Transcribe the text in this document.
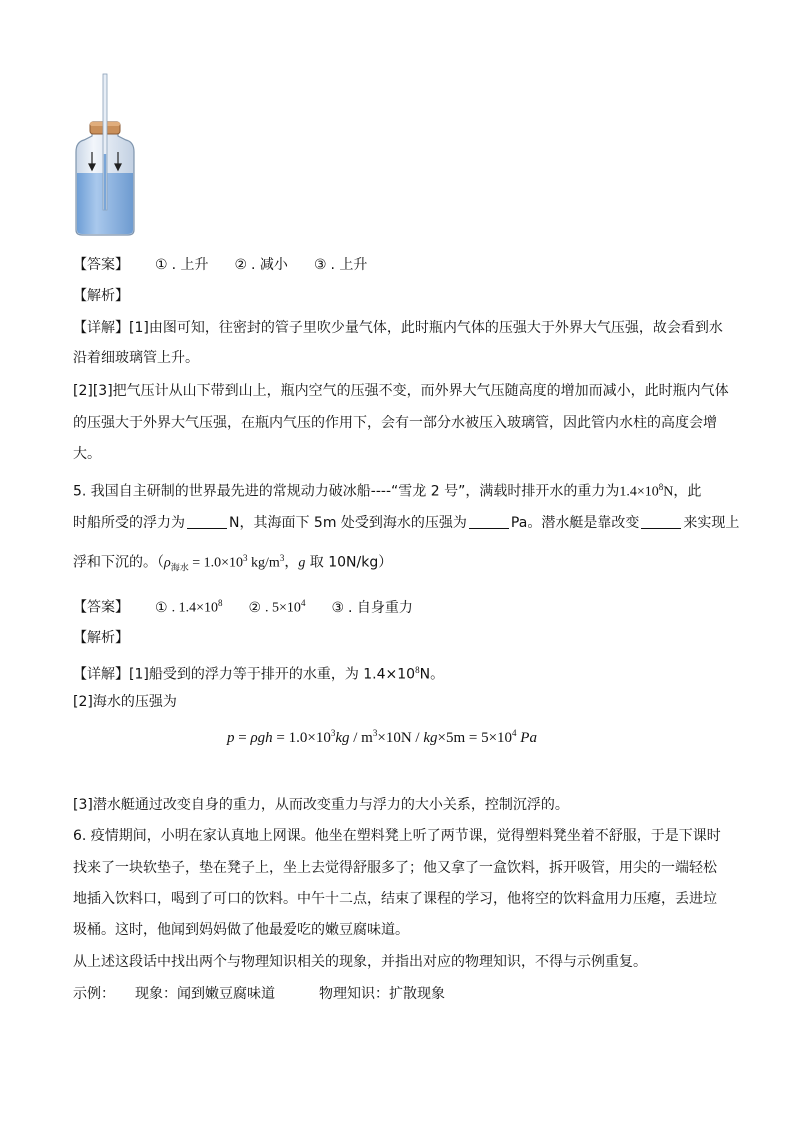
【答案】 ① . 上升 ② . 减小 ③ . 上升
【解析】
【详解】[1]由图可知，往密封的管子里吹少量气体，此时瓶内气体的压强大于外界大气压强，故会看到水
沿着细玻璃管上升。
[2][3]把气压计从山下带到山上，瓶内空气的压强不变，而外界大气压随高度的增加而减小，此时瓶内气体
的压强大于外界大气压强，在瓶内气压的作用下，会有一部分水被压入玻璃管，因此管内水柱的高度会增
大。
5. 我国自主研制的世界最先进的常规动力破冰船----“雪龙 2 号”，满载时排开水的重力为$1.4\times 10^8N$，此
时船所受的浮力为	N，其海面下 5m 处受到海水的压强为	Pa。潜水艇是靠改变	来实现上
浮和下沉的。（$\rho_{海水} = 1.0\times 10^3$ $kg/m^3$，g 取 10N/kg）
【答案】 ① . $1.4\times 10^8$ ② . $5\times 10^4$ ③ . 自身重力
【解析】
【详解】[1]船受到的浮力等于排开的水重，为 $1.4\times 10^8N$。
[2]海水的压强为
$p = \rho gh = 1.0\times 10^3kg / m^3\times 10N / kg\times 5m = 5\times 10^4$ Pa
[3]潜水艇通过改变自身的重力，从而改变重力与浮力的大小关系，控制沉浮的。
6. 疫情期间，小明在家认真地上网课。他坐在塑料凳上听了两节课，觉得塑料凳坐着不舒服，于是下课时
找来了一块软垫子，垫在凳子上，坐上去觉得舒服多了；他又拿了一盒饮料，拆开吸管，用尖的一端轻松
地插入饮料口，喝到了可口的饮料。中午十二点，结束了课程的学习，他将空的饮料盒用力压瘪，丢进垃
圾桶。这时，他闻到妈妈做了他最爱吃的嫩豆腐味道。
从上述这段话中找出两个与物理知识相关的现象，并指出对应的物理知识，不得与示例重复。
示例： 现象：闻到嫩豆腐味道	物理知识：扩散现象
